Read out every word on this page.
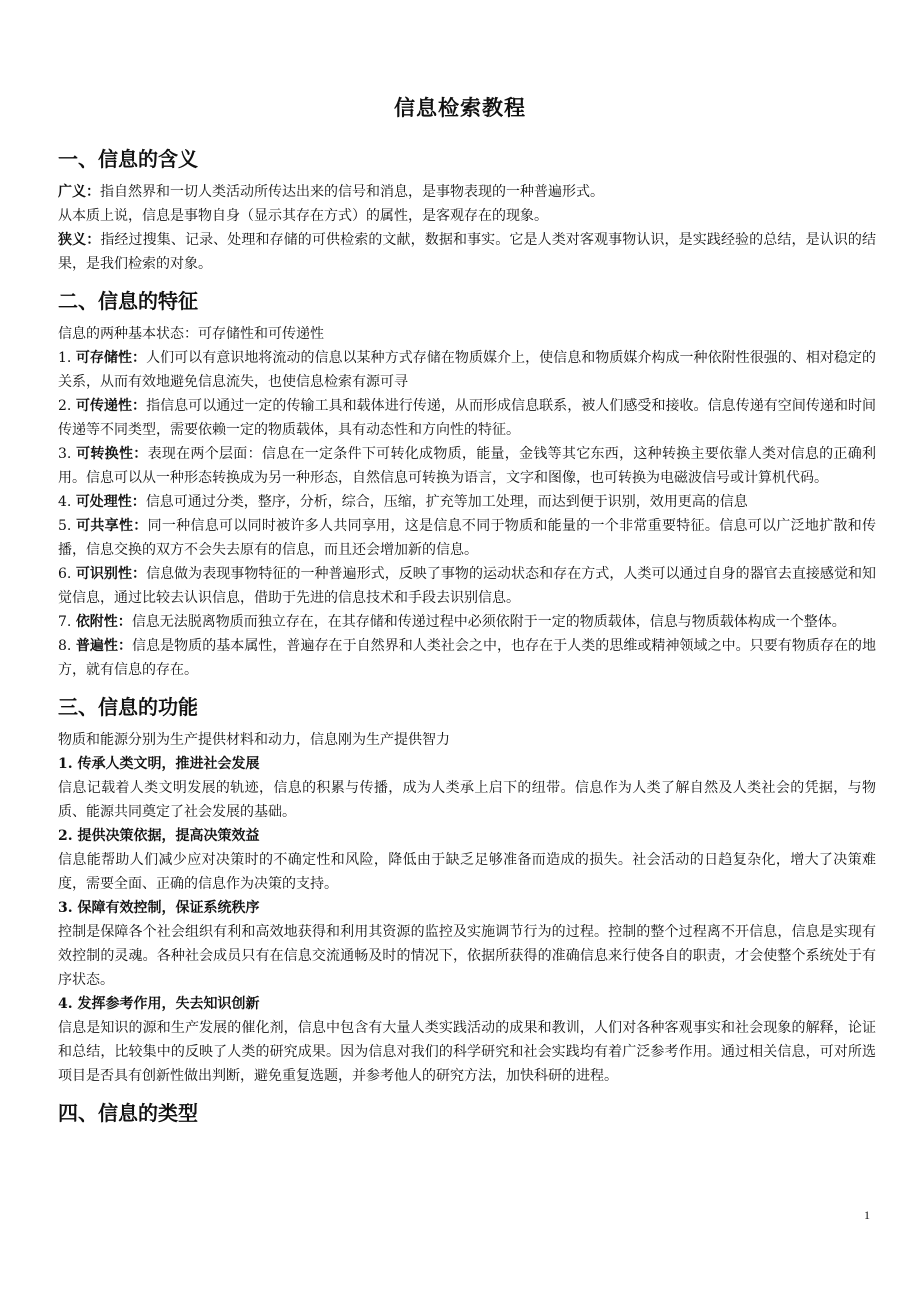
信息检索教程
一、信息的含义

广义：指自然界和一切人类活动所传达出来的信号和消息，是事物表现的一种普遍形式。

从本质上说，信息是事物自身（显示其存在方式）的属性，是客观存在的现象。

狭义：指经过搜集、记录、处理和存储的可供检索的文献，数据和事实。它是人类对客观事物认识，是实践经验的总结，是认识的结果，是我们检索的对象。

二、信息的特征

信息的两种基本状态：可存储性和可传递性

1. 可存储性：人们可以有意识地将流动的信息以某种方式存储在物质媒介上，使信息和物质媒介构成一种依附性很强的、相对稳定的关系，从而有效地避免信息流失，也使信息检索有源可寻

2. 可传递性：指信息可以通过一定的传输工具和载体进行传递，从而形成信息联系，被人们感受和接收。信息传递有空间传递和时间传递等不同类型，需要依赖一定的物质载体，具有动态性和方向性的特征。

3. 可转换性：表现在两个层面：信息在一定条件下可转化成物质，能量，金钱等其它东西，这种转换主要依靠人类对信息的正确利用。信息可以从一种形态转换成为另一种形态，自然信息可转换为语言，文字和图像，也可转换为电磁波信号或计算机代码。

4. 可处理性：信息可通过分类，整序，分析，综合，压缩，扩充等加工处理，而达到便于识别，效用更高的信息

5. 可共享性：同一种信息可以同时被许多人共同享用，这是信息不同于物质和能量的一个非常重要特征。信息可以广泛地扩散和传播，信息交换的双方不会失去原有的信息，而且还会增加新的信息。

6. 可识别性：信息做为表现事物特征的一种普遍形式，反映了事物的运动状态和存在方式，人类可以通过自身的器官去直接感觉和知觉信息，通过比较去认识信息，借助于先进的信息技术和手段去识别信息。

7. 依附性：信息无法脱离物质而独立存在，在其存储和传递过程中必须依附于一定的物质载体，信息与物质载体构成一个整体。

8. 普遍性：信息是物质的基本属性，普遍存在于自然界和人类社会之中，也存在于人类的思维或精神领域之中。只要有物质存在的地方，就有信息的存在。

三、信息的功能

物质和能源分别为生产提供材料和动力，信息刚为生产提供智力

1. 传承人类文明，推进社会发展

信息记载着人类文明发展的轨迹，信息的积累与传播，成为人类承上启下的纽带。信息作为人类了解自然及人类社会的凭据，与物质、能源共同奠定了社会发展的基础。

2. 提供决策依据，提高决策效益

信息能帮助人们减少应对决策时的不确定性和风险，降低由于缺乏足够准备而造成的损失。社会活动的日趋复杂化，增大了决策难度，需要全面、正确的信息作为决策的支持。

3. 保障有效控制，保证系统秩序

控制是保障各个社会组织有利和高效地获得和利用其资源的监控及实施调节行为的过程。控制的整个过程离不开信息，信息是实现有效控制的灵魂。各种社会成员只有在信息交流通畅及时的情况下，依据所获得的准确信息来行使各自的职责，才会使整个系统处于有序状态。

4. 发挥参考作用，失去知识创新

信息是知识的源和生产发展的催化剂，信息中包含有大量人类实践活动的成果和教训，人们对各种客观事实和社会现象的解释，论证和总结，比较集中的反映了人类的研究成果。因为信息对我们的科学研究和社会实践均有着广泛参考作用。通过相关信息，可对所选项目是否具有创新性做出判断，避免重复选题，并参考他人的研究方法，加快科研的进程。

四、信息的类型
1
